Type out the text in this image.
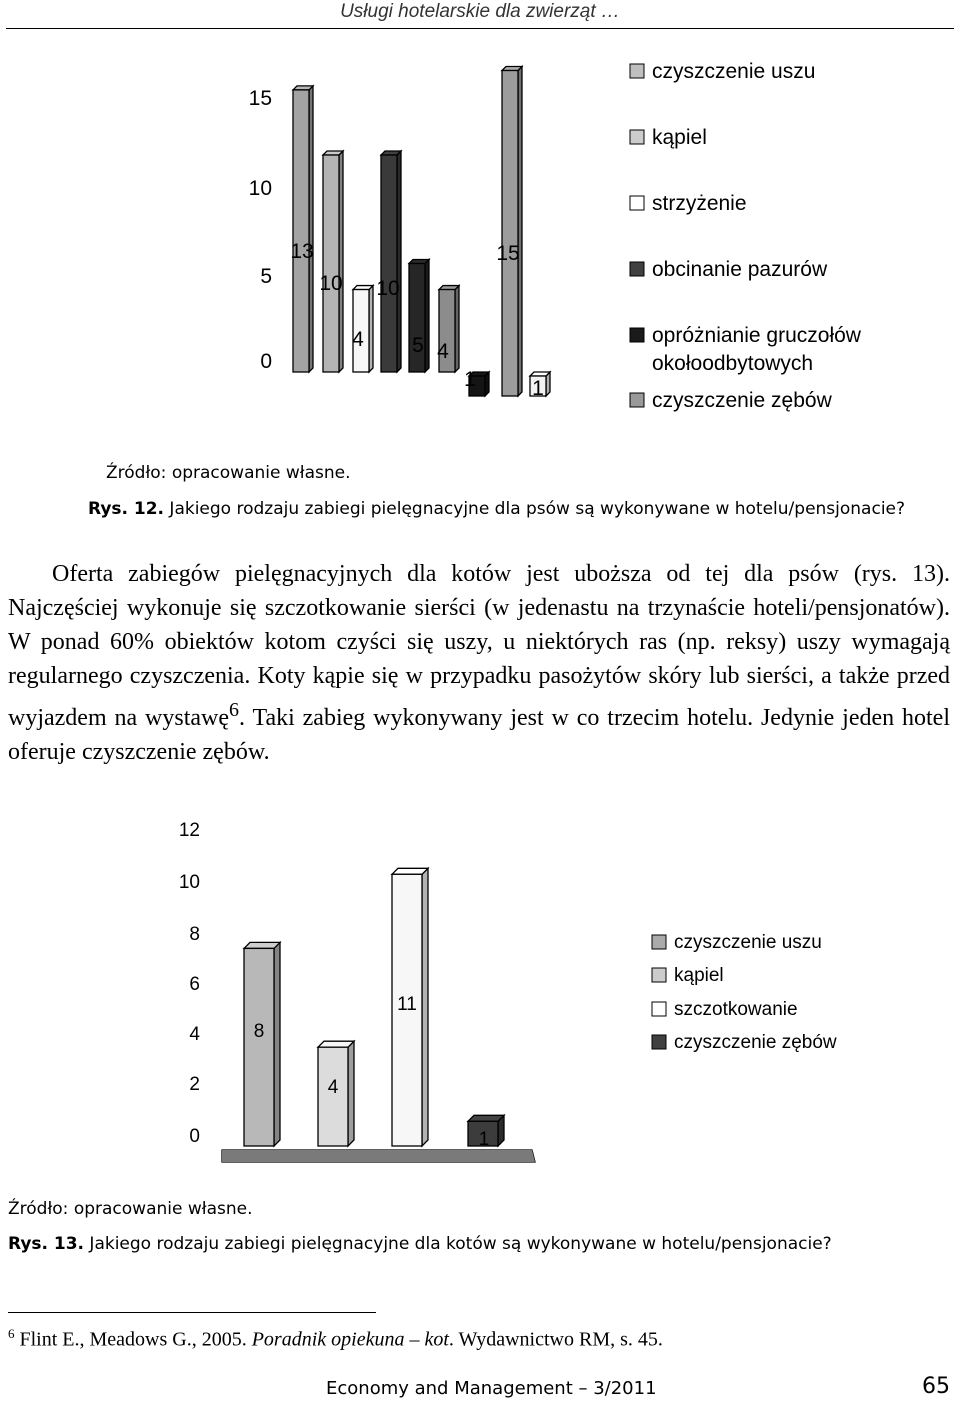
Usługi hotelarskie dla zwierząt …
15
10
5
0
13
10
4
10
5 4
1
15
1
czyszczenie uszu
kąpiel
strzyżenie
obcinanie pazurów
opróżnianie gruczołów
okołoodbytowych
czyszczenie zębów
Źródło: opracowanie własne.
Rys. 12. Jakiego rodzaju zabiegi pielęgnacyjne dla psów są wykonywane w hotelu/pensjonacie?

Oferta zabiegów pielęgnacyjnych dla kotów jest uboższa od tej dla psów (rys. 13). Najczęściej wykonuje się szczotkowanie sierści (w jedenastu na trzynaście hoteli/pensjonatów). W ponad 60% obiektów kotom czyści się uszy, u niektórych ras (np. reksy) uszy wymagają regularnego czyszczenia. Koty kąpie się w przypadku pasożytów skóry lub sierści, a także przed wyjazdem na wystawę$^6$. Taki zabieg wykonywany jest w co trzecim hotelu. Jedynie jeden hotel oferuje czyszczenie zębów.

12
10
8
6
4
2
0
8
4
11
1
czyszczenie uszu
kąpiel
szczotkowanie
czyszczenie zębów
Źródło: opracowanie własne.
Rys. 13. Jakiego rodzaju zabiegi pielęgnacyjne dla kotów są wykonywane w hotelu/pensjonacie?
$^6$ Flint E., Meadows G., 2005. Poradnik opiekuna – kot. Wydawnictwo RM, s. 45.
Economy and Management – 3/2011	65
